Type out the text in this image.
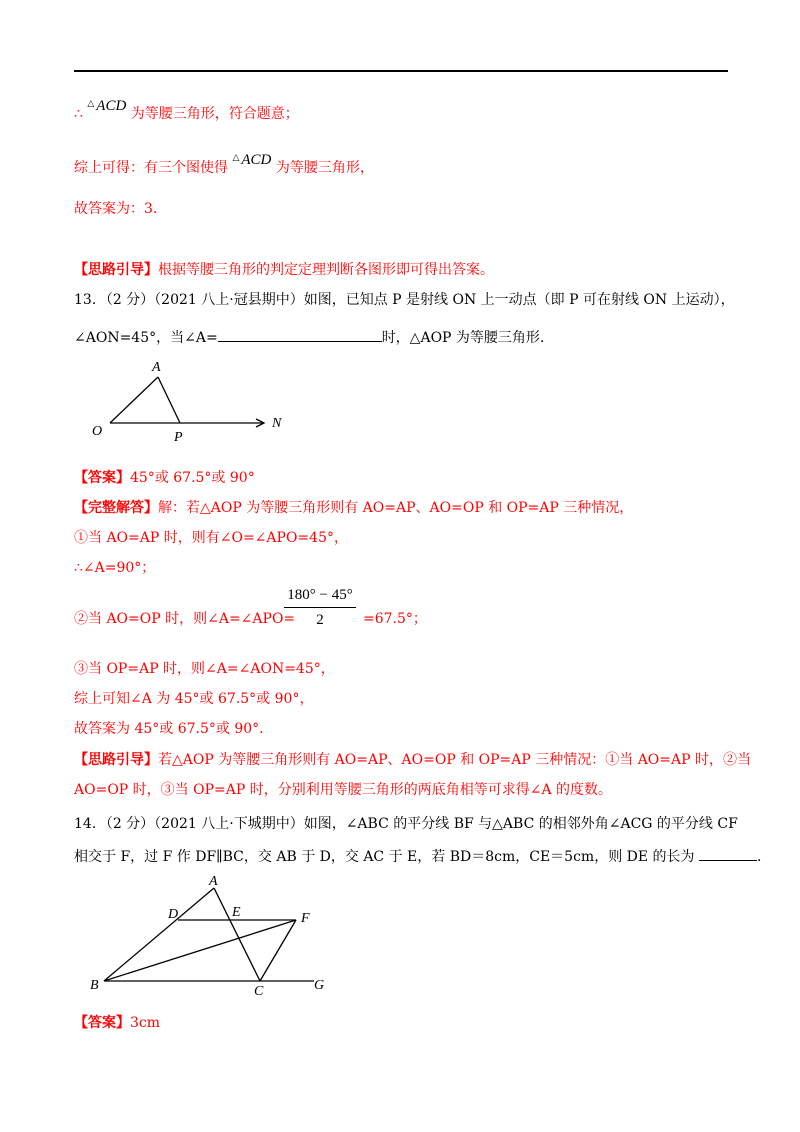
∴ △ ACD 为等腰三角形，符合题意；
综上可得：有三个图使得 △ ACD 为等腰三角形，
故答案为：3.
【思路引导】根据等腰三角形的判定定理判断各图形即可得出答案。
13．（2 分）（2021 八上·冠县期中）如图，已知点 P 是射线 ON 上一动点（即 P 可在射线 ON 上运动），
∠AON=45°，当∠A=	时，△AOP 为等腰三角形.
A
O	P
N
【答案】45°或 67.5°或 90°
【完整解答】解：若△AOP 为等腰三角形则有 AO=AP、AO=OP 和 OP=AP 三种情况，
①当 AO=AP 时，则有∠O=∠APO=45°，
∴∠A=90°；
②当 AO=OP 时，则∠A=∠APO=
180° − 45°
2	=67.5°；
③当 OP=AP 时，则∠A=∠AON=45°，
综上可知∠A 为 45°或 67.5°或 90°，
故答案为 45°或 67.5°或 90°.
【思路引导】若△AOP 为等腰三角形则有 AO=AP、AO=OP 和 OP=AP 三种情况：①当 AO=AP 时，②当
AO=OP 时，③当 OP=AP 时，分别利用等腰三角形的两底角相等可求得∠A 的度数。
14．（2 分）（2021 八上·下城期中）如图，∠ABC 的平分线 BF 与△ABC 的相邻外角∠ACG 的平分线 CF
相交于 F，过 F 作 DF∥BC，交 AB 于 D，交 AC 于 E，若 BD＝8cm，CE＝5cm，则 DE 的长为	.
A
D	E	F
B	C	G
【答案】3cm
